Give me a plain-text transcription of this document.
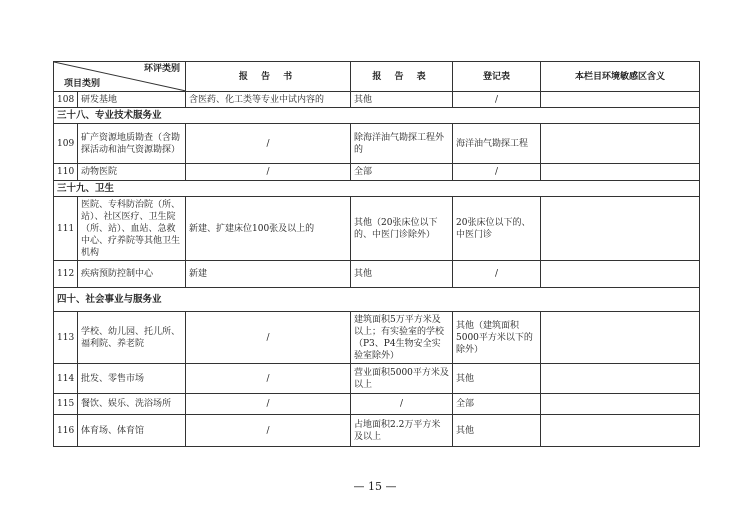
环评类别
项目类别		报 告 书	报 告 表	登记表	本栏目环境敏感区含义
108	研发基地	含医药、化工类等专业中试内容的	其他	/	
三十八、专业技术服务业					
109	矿产资源地质勘查（含勘探活动和油气资源勘探）	/	除海洋油气勘探工程外的	海洋油气勘探工程	
110	动物医院	/	全部	/	
三十九、卫生					
111	医院、专科防治院（所、站）、社区医疗、卫生院（所、站）、血站、急救中心、疗养院等其他卫生机构	新建、扩建床位100张及以上的	其他（20张床位以下的、中医门诊除外）	20张床位以下的、中医门诊	
112	疾病预防控制中心	新建	其他	/	
四十、社会事业与服务业					
113	学校、幼儿园、托儿所、福利院、养老院	/	建筑面积5万平方米及以上；有实验室的学校（P3、P4生物安全实验室除外）	其他（建筑面积5000平方米以下的除外）	
114	批发、零售市场	/	营业面积5000平方米及以上	其他	
115	餐饮、娱乐、洗浴场所	/	/	全部	
116	体育场、体育馆	/	占地面积2.2万平方米及以上	其他	
— 15 —
